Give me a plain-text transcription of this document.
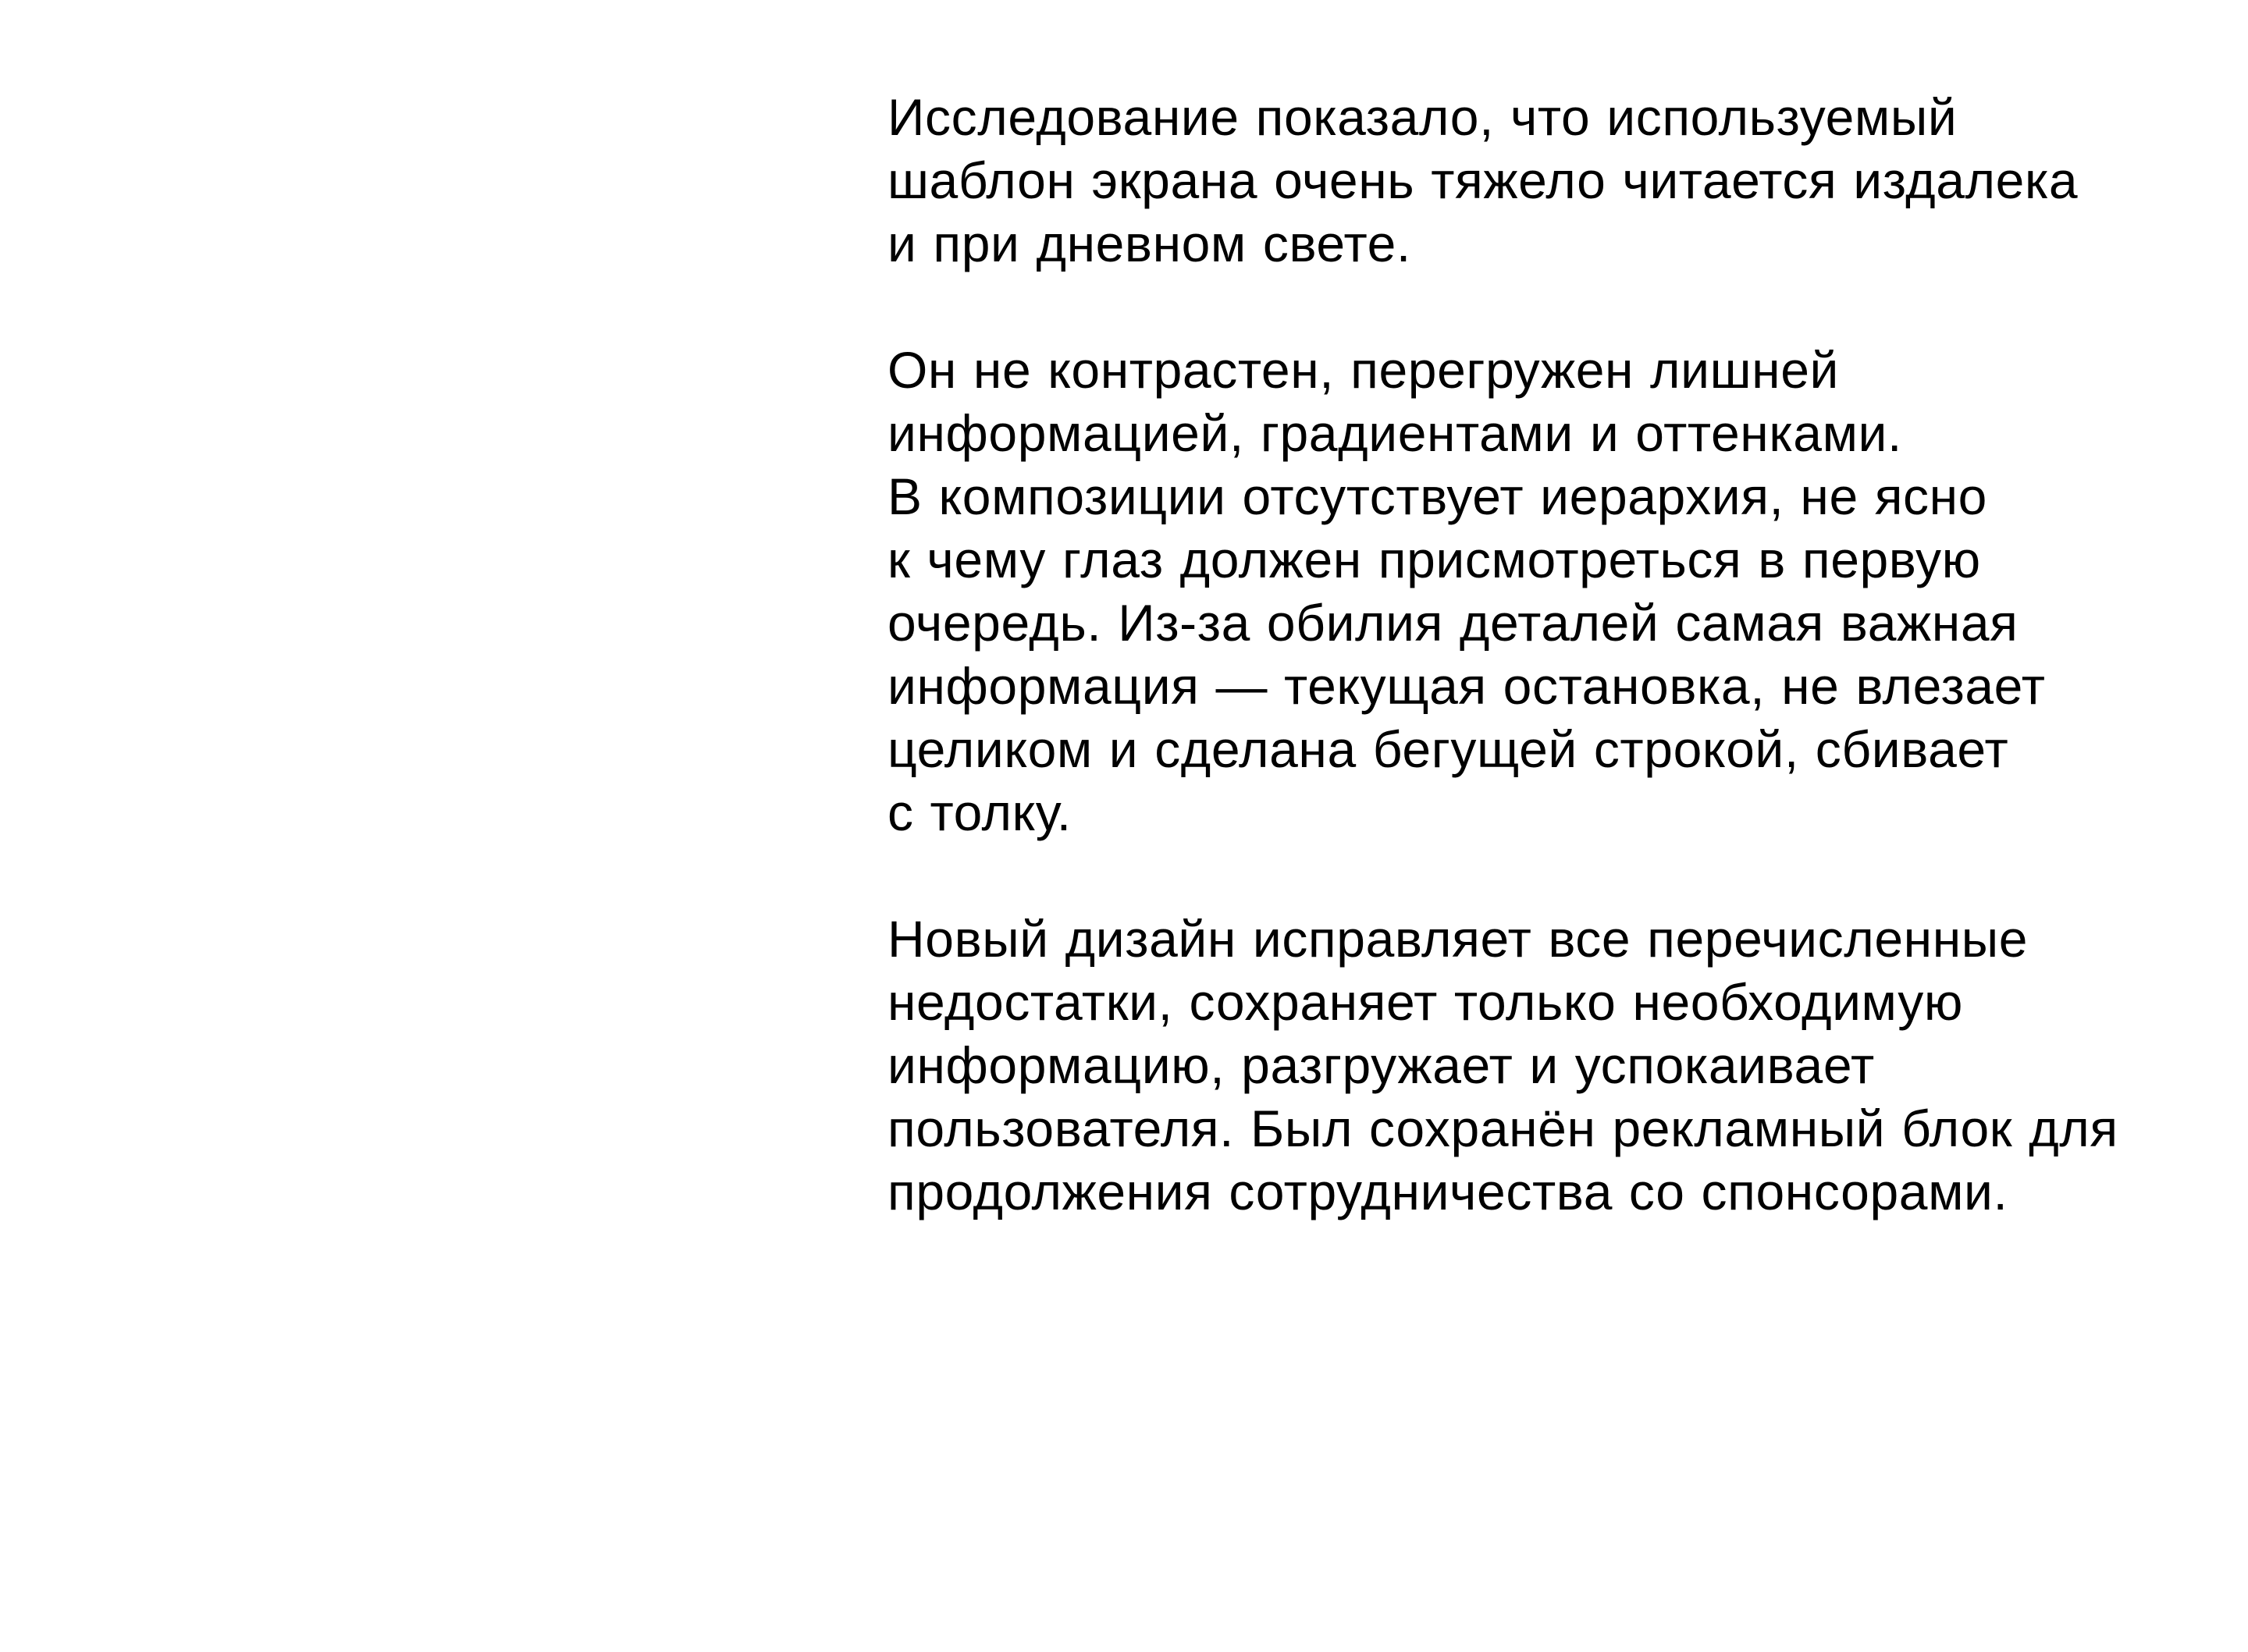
Исследование показало, что используемый
шаблон экрана очень тяжело читается издалека
и при дневном свете.

Он не контрастен, перегружен лишней
информацией, градиентами и оттенками.
В композиции отсутствует иерархия, не ясно
к чему глаз должен присмотреться в первую
очередь. Из-за обилия деталей самая важная
информация — текущая остановка, не влезает
целиком и сделана бегущей строкой, сбивает
с толку.

Новый дизайн исправляет все перечисленные
недостатки, сохраняет только необходимую
информацию, разгружает и успокаивает
пользователя. Был сохранён рекламный блок для
продолжения сотрудничества со спонсорами.
